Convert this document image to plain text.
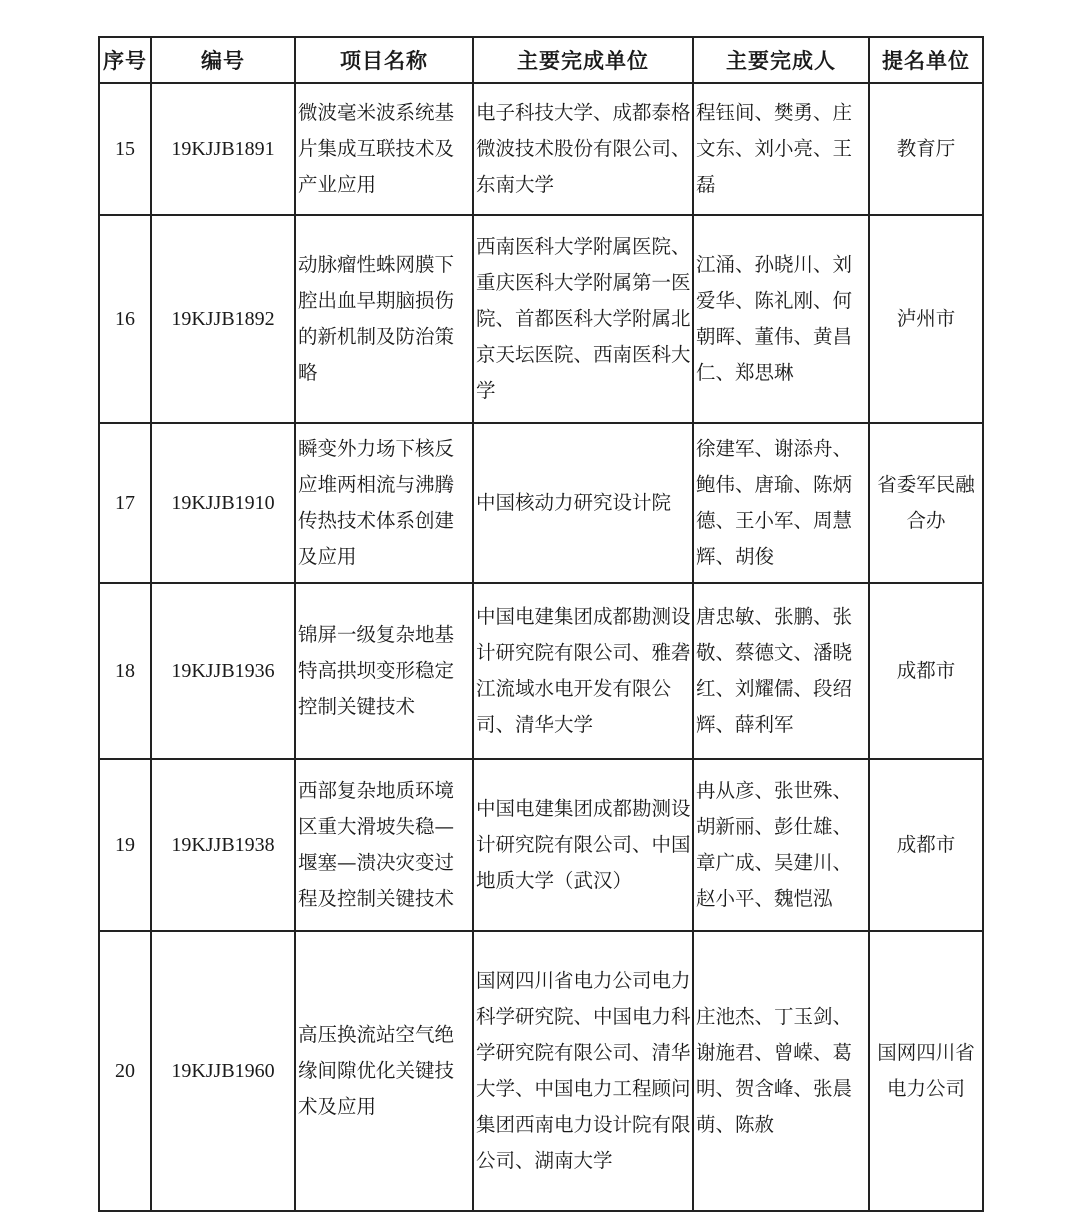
序号	编号	项目名称	主要完成单位	主要完成人	提名单位
15	19KJJB1891	微波毫米波系统基片集成互联技术及产业应用	电子科技大学、成都泰格微波技术股份有限公司、东南大学	程钰间、樊勇、庄文东、刘小亮、王磊	教育厅
16	19KJJB1892	动脉瘤性蛛网膜下腔出血早期脑损伤的新机制及防治策略	西南医科大学附属医院、重庆医科大学附属第一医院、首都医科大学附属北京天坛医院、西南医科大学	江涌、孙晓川、刘爱华、陈礼刚、何朝晖、董伟、黄昌仁、郑思琳	泸州市
17	19KJJB1910	瞬变外力场下核反应堆两相流与沸腾传热技术体系创建及应用	中国核动力研究设计院	徐建军、谢添舟、鲍伟、唐瑜、陈炳德、王小军、周慧辉、胡俊	省委军民融合办
18	19KJJB1936	锦屏一级复杂地基特高拱坝变形稳定控制关键技术	中国电建集团成都勘测设计研究院有限公司、雅砻江流域水电开发有限公司、清华大学	唐忠敏、张鹏、张敬、蔡德文、潘晓红、刘耀儒、段绍辉、薛利军	成都市
19	19KJJB1938	西部复杂地质环境区重大滑坡失稳—堰塞—溃决灾变过程及控制关键技术	中国电建集团成都勘测设计研究院有限公司、中国地质大学（武汉）	冉从彦、张世殊、胡新丽、彭仕雄、章广成、吴建川、赵小平、魏恺泓	成都市
20	19KJJB1960	高压换流站空气绝缘间隙优化关键技术及应用	国网四川省电力公司电力科学研究院、中国电力科学研究院有限公司、清华大学、中国电力工程顾问集团西南电力设计院有限公司、湖南大学	庄池杰、丁玉剑、谢施君、曾嵘、葛明、贺含峰、张晨萌、陈赦	国网四川省电力公司
